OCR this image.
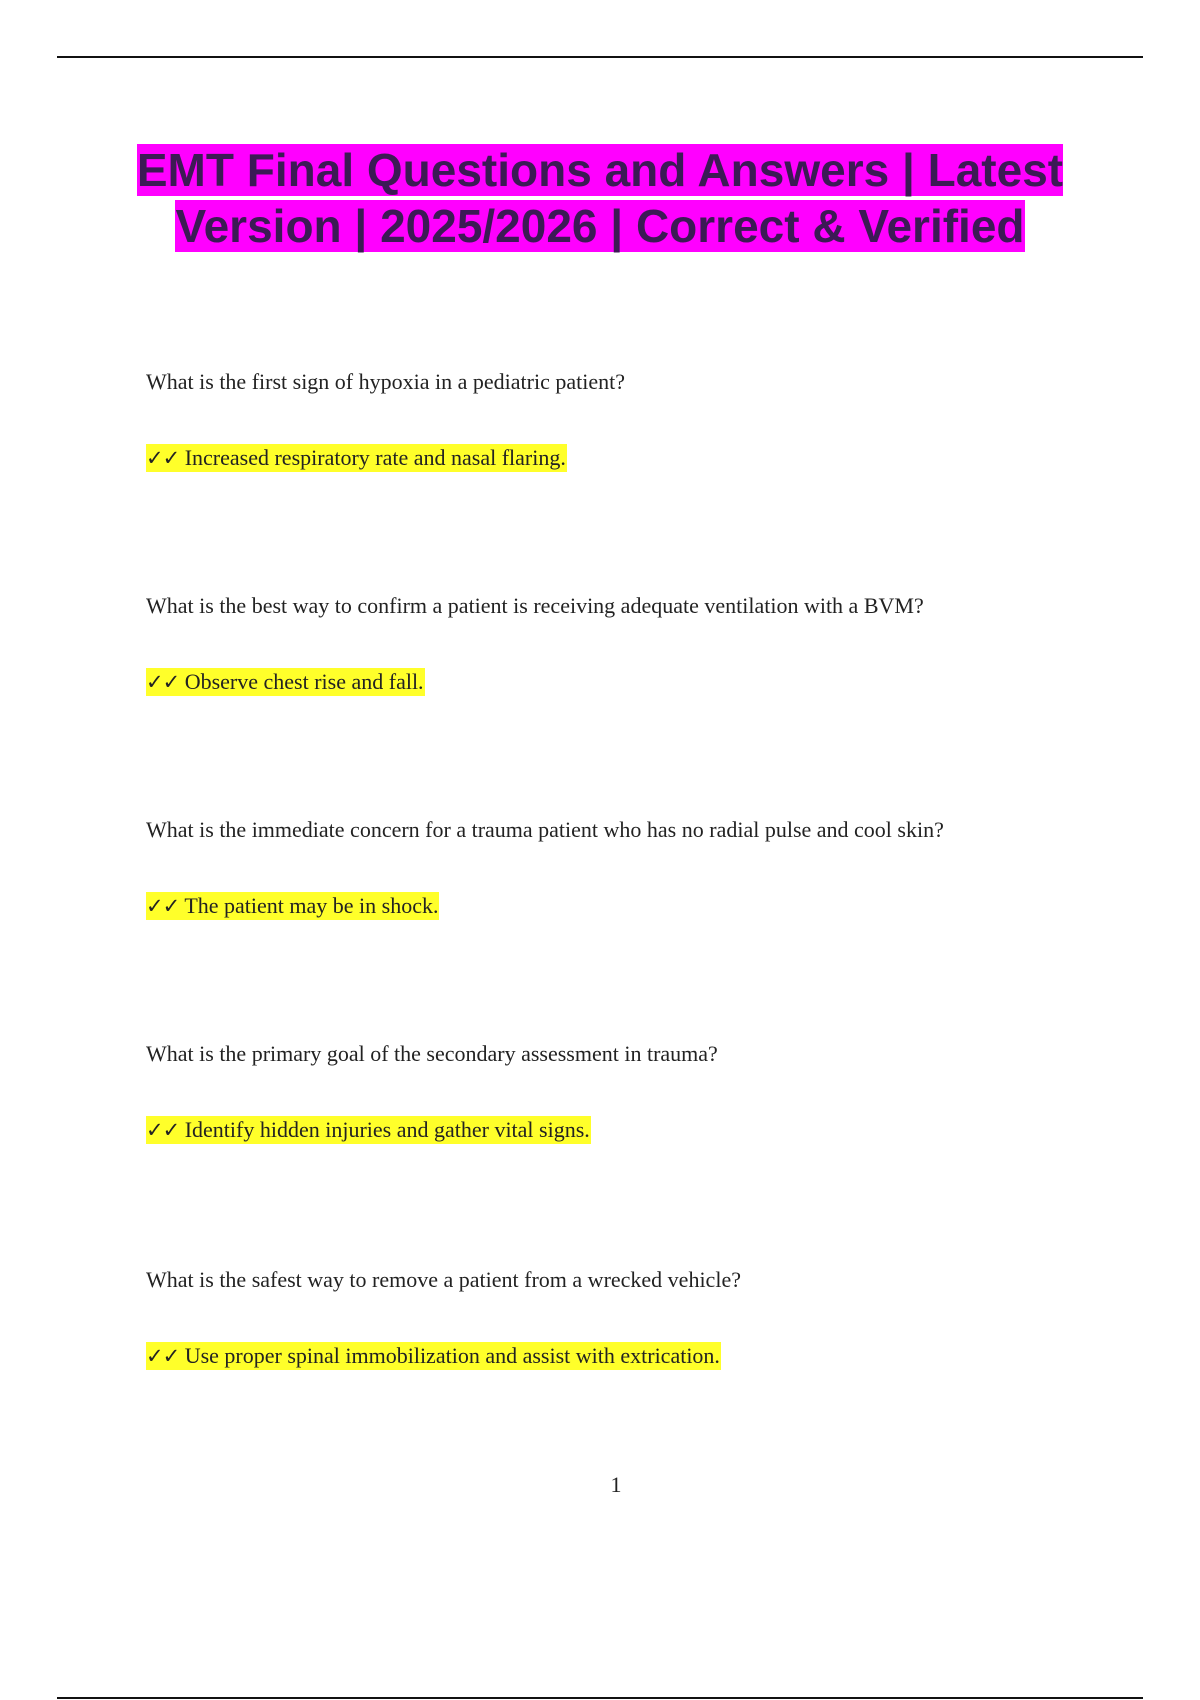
EMT Final Questions and Answers | Latest Version | 2025/2026 | Correct & Verified
What is the first sign of hypoxia in a pediatric patient?
✓✓ Increased respiratory rate and nasal flaring.
What is the best way to confirm a patient is receiving adequate ventilation with a BVM?
✓✓ Observe chest rise and fall.
What is the immediate concern for a trauma patient who has no radial pulse and cool skin?
✓✓ The patient may be in shock.
What is the primary goal of the secondary assessment in trauma?
✓✓ Identify hidden injuries and gather vital signs.
What is the safest way to remove a patient from a wrecked vehicle?
✓✓ Use proper spinal immobilization and assist with extrication.
1
